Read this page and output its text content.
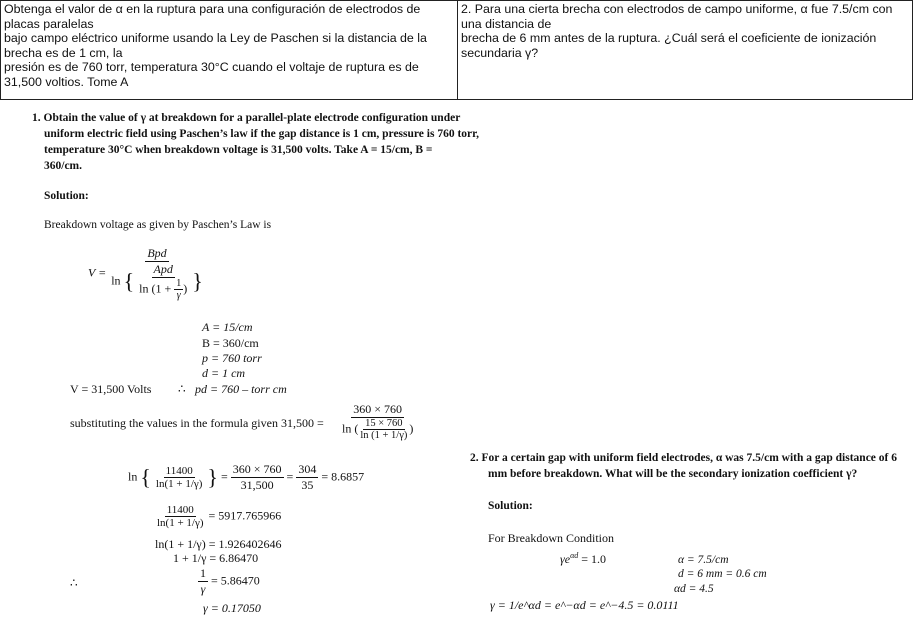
Obtenga el valor de α en la ruptura para una configuración de electrodos de
placas paralelas
bajo campo eléctrico uniforme usando la Ley de Paschen si la distancia de la
brecha es de 1 cm, la
presión es de 760 torr, temperatura 30°C cuando el voltaje de ruptura es de
31,500 voltios. Tome A
2. Para una cierta brecha con electrodos de campo uniforme, α fue 7.5/cm con
una distancia de
brecha de 6 mm antes de la ruptura. ¿Cuál será el coeficiente de ionización
secundaria γ?
1. Obtain the value of γ at breakdown for a parallel-plate electrode configuration under
uniform electric field using Paschen’s law if the gap distance is 1 cm, pressure is 760 torr,
temperature 30°C when breakdown voltage is 31,500 volts. Take A = 15/cm, B =
360/cm.
Solution:
Breakdown voltage as given by Paschen’s Law is
V =
Bpd
ln { Apd
$\ln (1 + \frac{1}{\gamma}$ ) }
A = 15/cm
B = 360/cm
p = 760 torr
d = 1 cm
V = 31,500 Volts ∴ pd = 760 – torr cm
substituting the values in the formula given $31,500 = \frac{360 \times 760}{\ln ( \frac{15 \times 760}{\ln (1 + 1/\gamma)} )}$
ln { $\frac{11400}{\ln(1 + 1/\gamma)}$ } = $\frac{360 \times 760}{31,500} = \frac{304}{35} = 8.6857$
$\frac{11400}{\ln(1 + 1/\gamma)} = 5917.765966$
ln(1 + 1/γ) = 1.926402646
1 + 1/γ = 6.86470
∴	$\frac{1}{\gamma} = 5.86470$
γ = 0.17050
2. For a certain gap with uniform field electrodes, α was 7.5/cm with a gap distance of 6
mm before breakdown. What will be the secondary ionization coefficient γ?
Solution:
For Breakdown Condition
$\gamma e^{\alpha d} = 1.0$	α = 7.5/cm
d = 6 mm = 0.6 cm
αd = 4.5
γ = 1/e^αd = e^−αd = e^−4.5 = 0.0111
